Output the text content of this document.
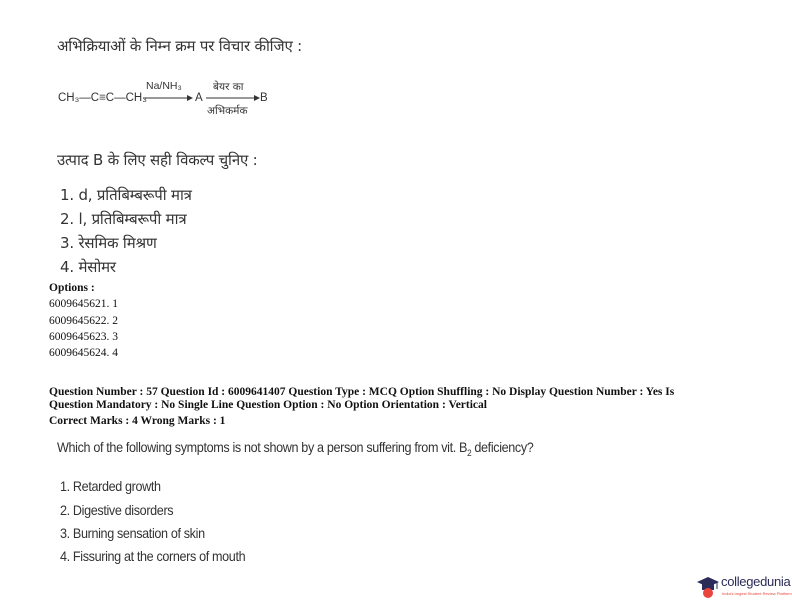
अभिक्रियाओं के निम्न क्रम पर विचार कीजिए :
CH₃—C≡C—CH₃
Na/NH₃
→ A
बेयर का
अभिकर्मक
B
उत्पाद B के लिए सही विकल्प चुनिए :
1. d, प्रतिबिम्बरूपी मात्र
2. l, प्रतिबिम्बरूपी मात्र
3. रेसमिक मिश्रण
4. मेसोमर
Options :
6009645621. 1
6009645622. 2
6009645623. 3
6009645624. 4
Question Number : 57 Question Id : 6009641407 Question Type : MCQ Option Shuffling : No Display Question Number : Yes Is
Question Mandatory : No Single Line Question Option : No Option Orientation : Vertical
Correct Marks : 4 Wrong Marks : 1
Which of the following symptoms is not shown by a person suffering from vit. $B_2$ deficiency?
1. Retarded growth
2. Digestive disorders
3. Burning sensation of skin
4. Fissuring at the corners of mouth
collegedunia
India's largest Student Review Platform
